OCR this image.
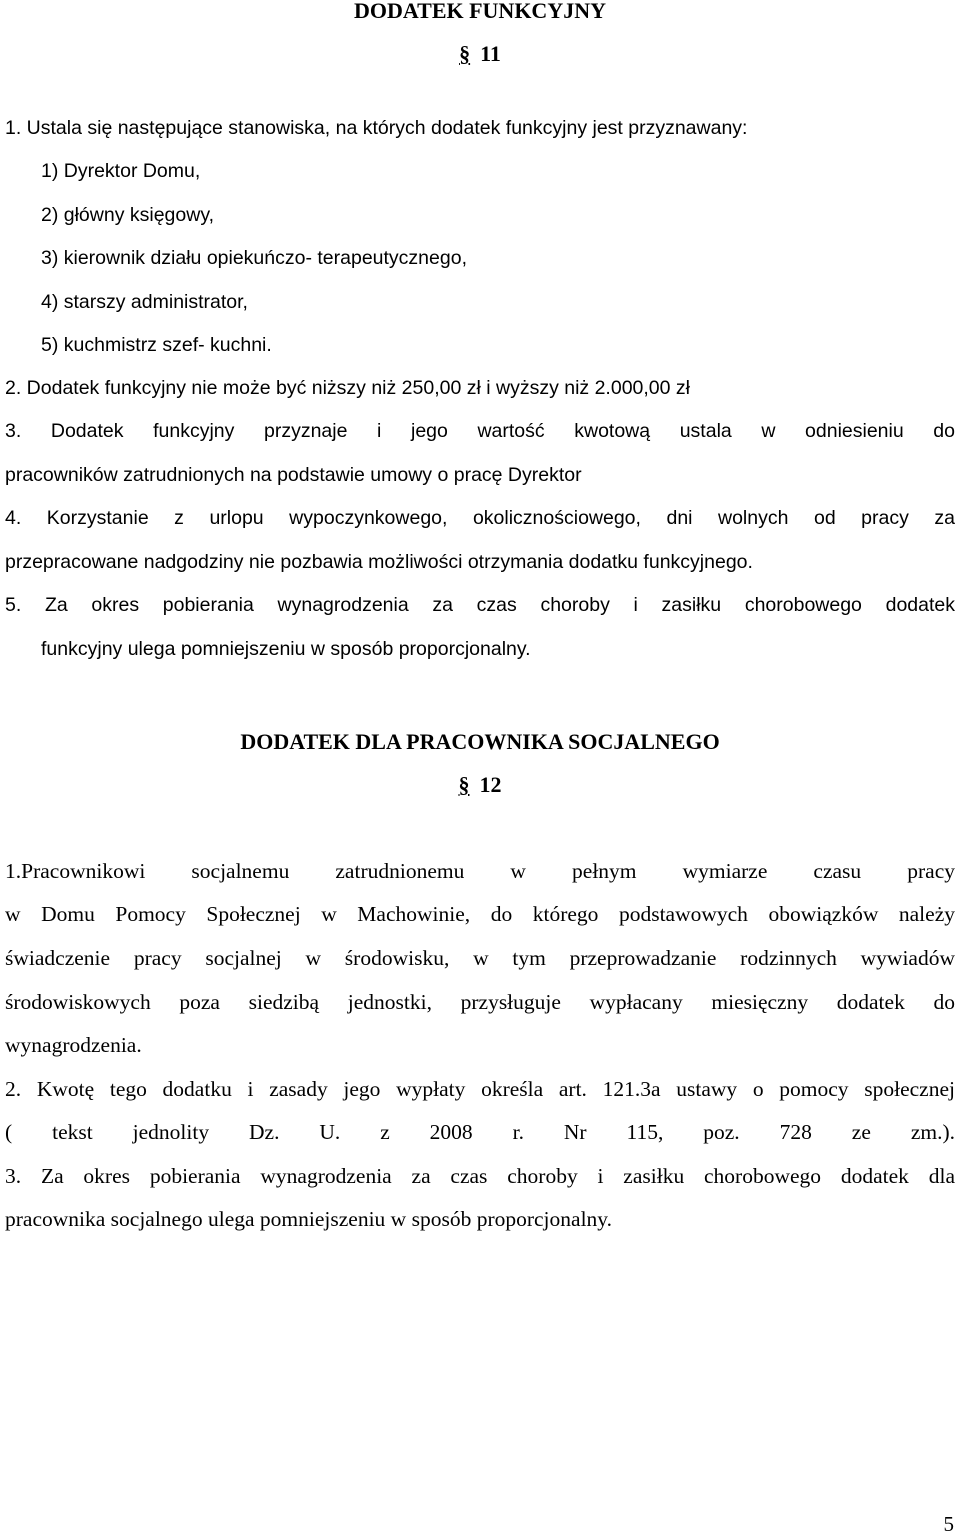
DODATEK FUNKCYJNY
§ 11
1. Ustala się następujące stanowiska, na których dodatek funkcyjny jest przyznawany:
1) Dyrektor Domu,
2) główny księgowy,
3) kierownik działu opiekuńczo- terapeutycznego,
4) starszy administrator,
5) kuchmistrz szef- kuchni.
2. Dodatek funkcyjny nie może być niższy niż 250,00 zł i wyższy niż 2.000,00 zł
3. Dodatek funkcyjny przyznaje i jego wartość kwotową ustala w odniesieniu do
pracowników zatrudnionych na podstawie umowy o pracę Dyrektor
4. Korzystanie z urlopu wypoczynkowego, okolicznościowego, dni wolnych od pracy za
przepracowane nadgodziny nie pozbawia możliwości otrzymania dodatku funkcyjnego.
5. Za okres pobierania wynagrodzenia za czas choroby i zasiłku chorobowego dodatek
funkcyjny ulega pomniejszeniu w sposób proporcjonalny.
DODATEK DLA PRACOWNIKA SOCJALNEGO
§ 12
1.Pracownikowi socjalnemu zatrudnionemu w pełnym wymiarze czasu pracy
w Domu Pomocy Społecznej w Machowinie, do którego podstawowych obowiązków należy
świadczenie pracy socjalnej w środowisku, w tym przeprowadzanie rodzinnych wywiadów
środowiskowych poza siedzibą jednostki, przysługuje wypłacany miesięczny dodatek do
wynagrodzenia.
2. Kwotę tego dodatku i zasady jego wypłaty określa art. 121.3a ustawy o pomocy społecznej
( tekst jednolity Dz. U. z 2008 r. Nr 115, poz. 728 ze zm.).
3. Za okres pobierania wynagrodzenia za czas choroby i zasiłku chorobowego dodatek dla
pracownika socjalnego ulega pomniejszeniu w sposób proporcjonalny.
5
